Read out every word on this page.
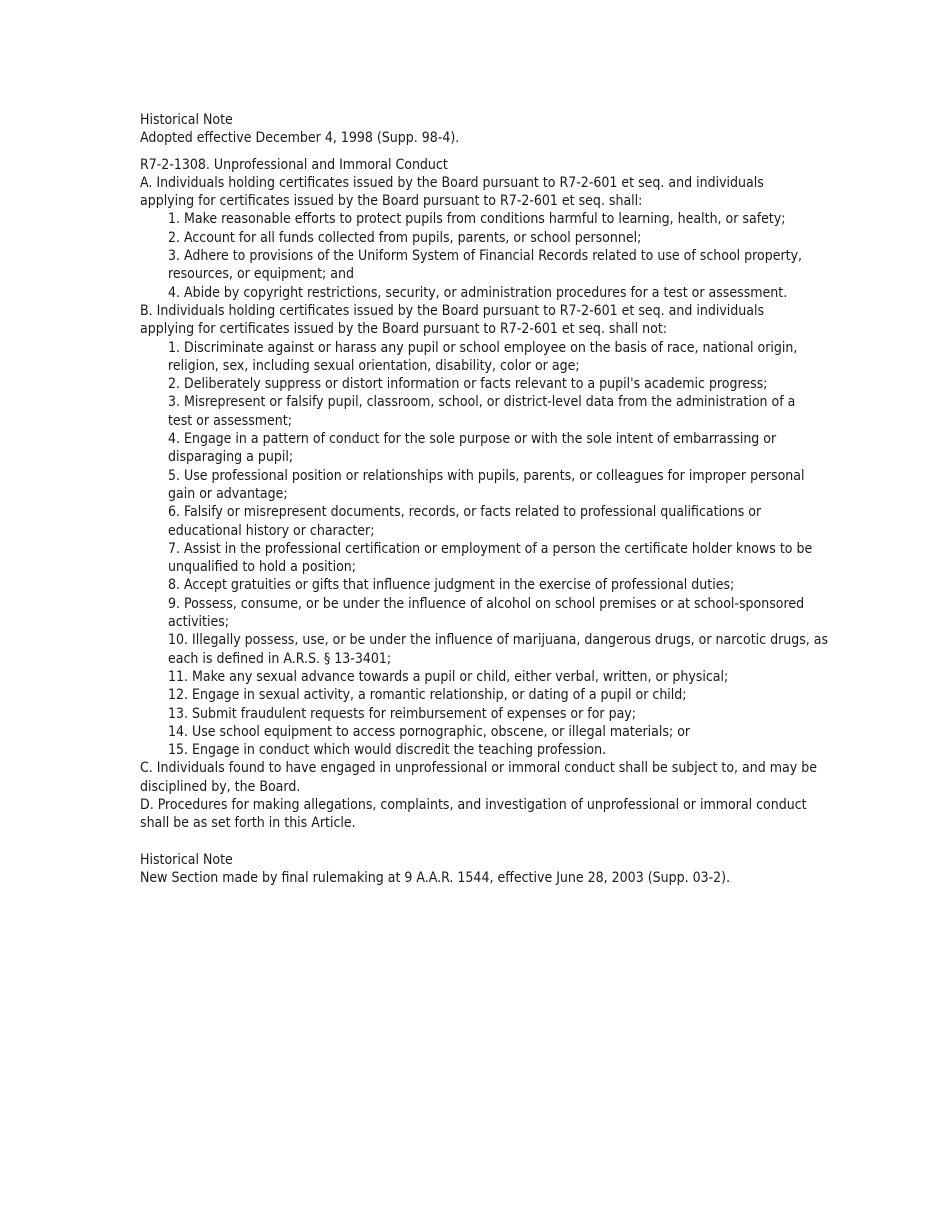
Historical Note
Adopted effective December 4, 1998 (Supp. 98-4).
R7-2-1308. Unprofessional and Immoral Conduct
A. Individuals holding certificates issued by the Board pursuant to R7-2-601 et seq. and individuals
applying for certificates issued by the Board pursuant to R7-2-601 et seq. shall:
1. Make reasonable efforts to protect pupils from conditions harmful to learning, health, or safety;
2. Account for all funds collected from pupils, parents, or school personnel;
3. Adhere to provisions of the Uniform System of Financial Records related to use of school property,
resources, or equipment; and
4. Abide by copyright restrictions, security, or administration procedures for a test or assessment.
B. Individuals holding certificates issued by the Board pursuant to R7-2-601 et seq. and individuals
applying for certificates issued by the Board pursuant to R7-2-601 et seq. shall not:
1. Discriminate against or harass any pupil or school employee on the basis of race, national origin,
religion, sex, including sexual orientation, disability, color or age;
2. Deliberately suppress or distort information or facts relevant to a pupil's academic progress;
3. Misrepresent or falsify pupil, classroom, school, or district-level data from the administration of a
test or assessment;
4. Engage in a pattern of conduct for the sole purpose or with the sole intent of embarrassing or
disparaging a pupil;
5. Use professional position or relationships with pupils, parents, or colleagues for improper personal
gain or advantage;
6. Falsify or misrepresent documents, records, or facts related to professional qualifications or
educational history or character;
7. Assist in the professional certification or employment of a person the certificate holder knows to be
unqualified to hold a position;
8. Accept gratuities or gifts that influence judgment in the exercise of professional duties;
9. Possess, consume, or be under the influence of alcohol on school premises or at school-sponsored
activities;
10. Illegally possess, use, or be under the influence of marijuana, dangerous drugs, or narcotic drugs, as
each is defined in A.R.S. § 13-3401;
11. Make any sexual advance towards a pupil or child, either verbal, written, or physical;
12. Engage in sexual activity, a romantic relationship, or dating of a pupil or child;
13. Submit fraudulent requests for reimbursement of expenses or for pay;
14. Use school equipment to access pornographic, obscene, or illegal materials; or
15. Engage in conduct which would discredit the teaching profession.
C. Individuals found to have engaged in unprofessional or immoral conduct shall be subject to, and may be
disciplined by, the Board.
D. Procedures for making allegations, complaints, and investigation of unprofessional or immoral conduct
shall be as set forth in this Article.
Historical Note
New Section made by final rulemaking at 9 A.A.R. 1544, effective June 28, 2003 (Supp. 03-2).
